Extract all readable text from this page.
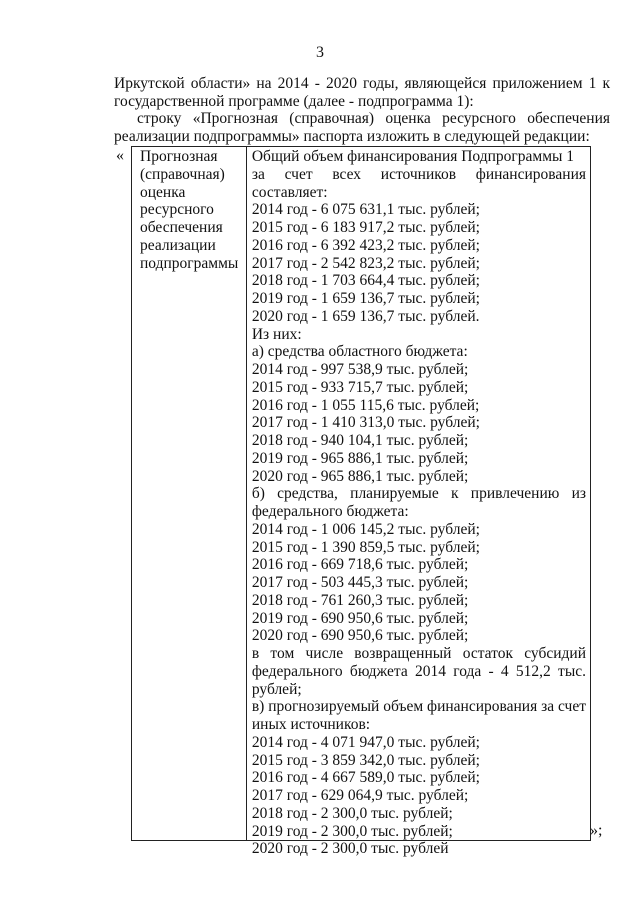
3
Иркутской области» на 2014 - 2020 годы, являющейся приложением 1 к
государственной программе (далее - подпрограмма 1):
строку «Прогнозная (справочная) оценка ресурсного обеспечения
реализации подпрограммы» паспорта изложить в следующей редакции:
« Прогнозная
(справочная)
оценка
ресурсного
обеспечения
реализации
подпрограммы
Общий объем финансирования Подпрограммы 1
за счет всех источников финансирования
составляет:
2014 год - 6 075 631,1 тыс. рублей;
2015 год - 6 183 917,2 тыс. рублей;
2016 год - 6 392 423,2 тыс. рублей;
2017 год - 2 542 823,2 тыс. рублей;
2018 год - 1 703 664,4 тыс. рублей;
2019 год - 1 659 136,7 тыс. рублей;
2020 год - 1 659 136,7 тыс. рублей.
Из них:
а) средства областного бюджета:
2014 год - 997 538,9 тыс. рублей;
2015 год - 933 715,7 тыс. рублей;
2016 год - 1 055 115,6 тыс. рублей;
2017 год - 1 410 313,0 тыс. рублей;
2018 год - 940 104,1 тыс. рублей;
2019 год - 965 886,1 тыс. рублей;
2020 год - 965 886,1 тыс. рублей;
б) средства, планируемые к привлечению из
федерального бюджета:
2014 год - 1 006 145,2 тыс. рублей;
2015 год - 1 390 859,5 тыс. рублей;
2016 год - 669 718,6 тыс. рублей;
2017 год - 503 445,3 тыс. рублей;
2018 год - 761 260,3 тыс. рублей;
2019 год - 690 950,6 тыс. рублей;
2020 год - 690 950,6 тыс. рублей;
в том числе возвращенный остаток субсидий
федерального бюджета 2014 года - 4 512,2 тыс.
рублей;
в) прогнозируемый объем финансирования за счет
иных источников:
2014 год - 4 071 947,0 тыс. рублей;
2015 год - 3 859 342,0 тыс. рублей;
2016 год - 4 667 589,0 тыс. рублей;
2017 год - 629 064,9 тыс. рублей;
2018 год - 2 300,0 тыс. рублей;
2019 год - 2 300,0 тыс. рублей;
2020 год - 2 300,0 тыс. рублей
»;
